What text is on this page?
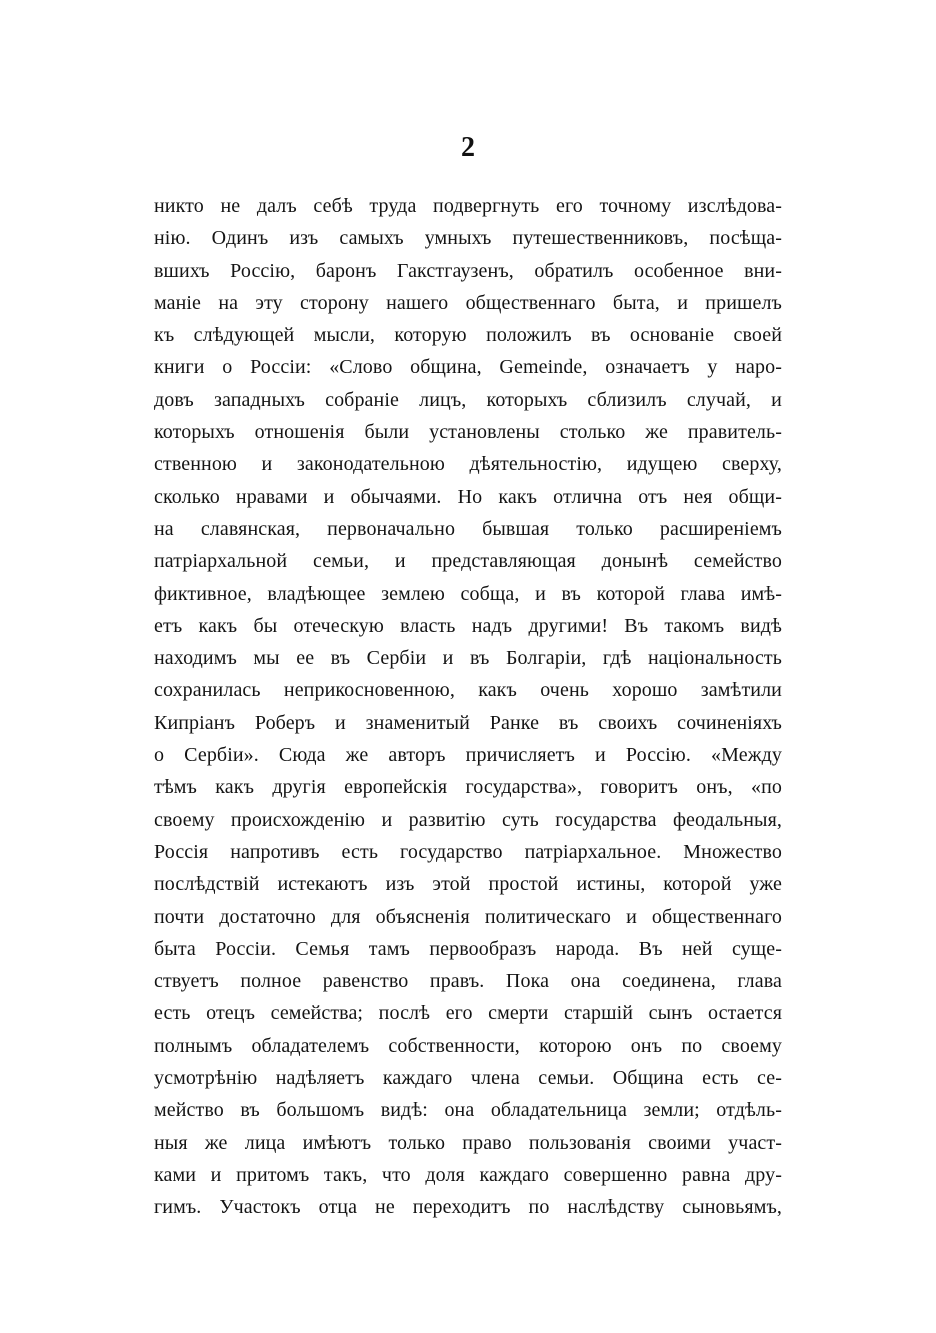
2
никто не далъ себѣ труда подвергнуть его точному изслѣдова-
нію. Одинъ изъ самыхъ умныхъ путешественниковъ, посѣща-
вшихъ Россію, баронъ Гакстгаузенъ, обратилъ особенное вни-
маніе на эту сторону нашего общественнаго быта, и пришелъ
къ слѣдующей мысли, которую положилъ въ основаніе своей
книги о Россіи: «Слово община, Gemeinde, означаетъ у наро-
довъ западныхъ собраніе лицъ, которыхъ сблизилъ случай, и
которыхъ отношенія были установлены столько же правитель-
ственною и законодательною дѣятельностію, идущею сверху,
сколько нравами и обычаями. Но какъ отлична отъ нея общи-
на славянская, первоначально бывшая только расширеніемъ
патріархальной семьи, и представляющая донынѣ семейство
фиктивное, владѣющее землею собща, и въ которой глава имѣ-
етъ какъ бы отеческую власть надъ другими! Въ такомъ видѣ
находимъ мы ее въ Сербіи и въ Болгаріи, гдѣ національность
сохранилась неприкосновенною, какъ очень хорошо замѣтили
Кипріанъ Роберъ и знаменитый Ранке въ своихъ сочиненіяхъ
о Сербіи». Сюда же авторъ причисляетъ и Россію. «Между
тѣмъ какъ другія европейскія государства», говоритъ онъ, «по
своему происхожденію и развитію суть государства феодальныя,
Россія напротивъ есть государство патріархальное. Множество
послѣдствій истекаютъ изъ этой простой истины, которой уже
почти достаточно для объясненія политическаго и общественнаго
быта Россіи. Семья тамъ первообразъ народа. Въ ней суще-
ствуетъ полное равенство правъ. Пока она соединена, глава
есть отецъ семейства; послѣ его смерти старшій сынъ остается
полнымъ обладателемъ собственности, которою онъ по своему
усмотрѣнію надѣляетъ каждаго члена семьи. Община есть се-
мейство въ большомъ видѣ: она обладательница земли; отдѣль-
ныя же лица имѣютъ только право пользованія своими участ-
ками и притомъ такъ, что доля каждаго совершенно равна дру-
гимъ. Участокъ отца не переходитъ по наслѣдству сыновьямъ,
